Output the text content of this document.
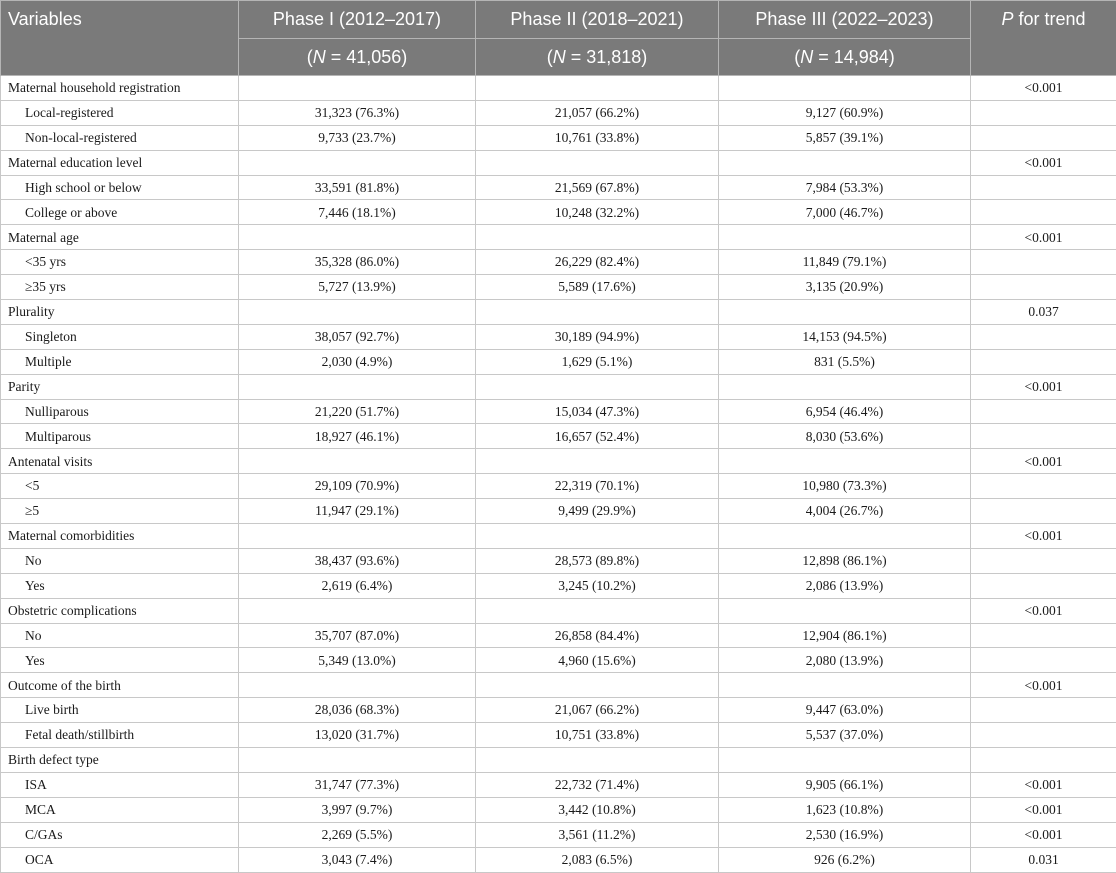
Variables	Phase I (2012–2017)	Phase II (2018–2021)	Phase III (2022–2023)	P for trend
	(N = 41,056)	(N = 31,818)	(N = 14,984)	
Maternal household registration				<0.001
Local-registered	31,323 (76.3%)	21,057 (66.2%)	9,127 (60.9%)	
Non-local-registered	9,733 (23.7%)	10,761 (33.8%)	5,857 (39.1%)	
Maternal education level				<0.001
High school or below	33,591 (81.8%)	21,569 (67.8%)	7,984 (53.3%)	
College or above	7,446 (18.1%)	10,248 (32.2%)	7,000 (46.7%)	
Maternal age				<0.001
<35 yrs	35,328 (86.0%)	26,229 (82.4%)	11,849 (79.1%)	
≥35 yrs	5,727 (13.9%)	5,589 (17.6%)	3,135 (20.9%)	
Plurality				0.037
Singleton	38,057 (92.7%)	30,189 (94.9%)	14,153 (94.5%)	
Multiple	2,030 (4.9%)	1,629 (5.1%)	831 (5.5%)	
Parity				<0.001
Nulliparous	21,220 (51.7%)	15,034 (47.3%)	6,954 (46.4%)	
Multiparous	18,927 (46.1%)	16,657 (52.4%)	8,030 (53.6%)	
Antenatal visits				<0.001
<5	29,109 (70.9%)	22,319 (70.1%)	10,980 (73.3%)	
≥5	11,947 (29.1%)	9,499 (29.9%)	4,004 (26.7%)	
Maternal comorbidities				<0.001
No	38,437 (93.6%)	28,573 (89.8%)	12,898 (86.1%)	
Yes	2,619 (6.4%)	3,245 (10.2%)	2,086 (13.9%)	
Obstetric complications				<0.001
No	35,707 (87.0%)	26,858 (84.4%)	12,904 (86.1%)	
Yes	5,349 (13.0%)	4,960 (15.6%)	2,080 (13.9%)	
Outcome of the birth				<0.001
Live birth	28,036 (68.3%)	21,067 (66.2%)	9,447 (63.0%)	
Fetal death/stillbirth	13,020 (31.7%)	10,751 (33.8%)	5,537 (37.0%)	
Birth defect type				
ISA	31,747 (77.3%)	22,732 (71.4%)	9,905 (66.1%)	<0.001
MCA	3,997 (9.7%)	3,442 (10.8%)	1,623 (10.8%)	<0.001
C/GAs	2,269 (5.5%)	3,561 (11.2%)	2,530 (16.9%)	<0.001
OCA	3,043 (7.4%)	2,083 (6.5%)	926 (6.2%)	0.031
